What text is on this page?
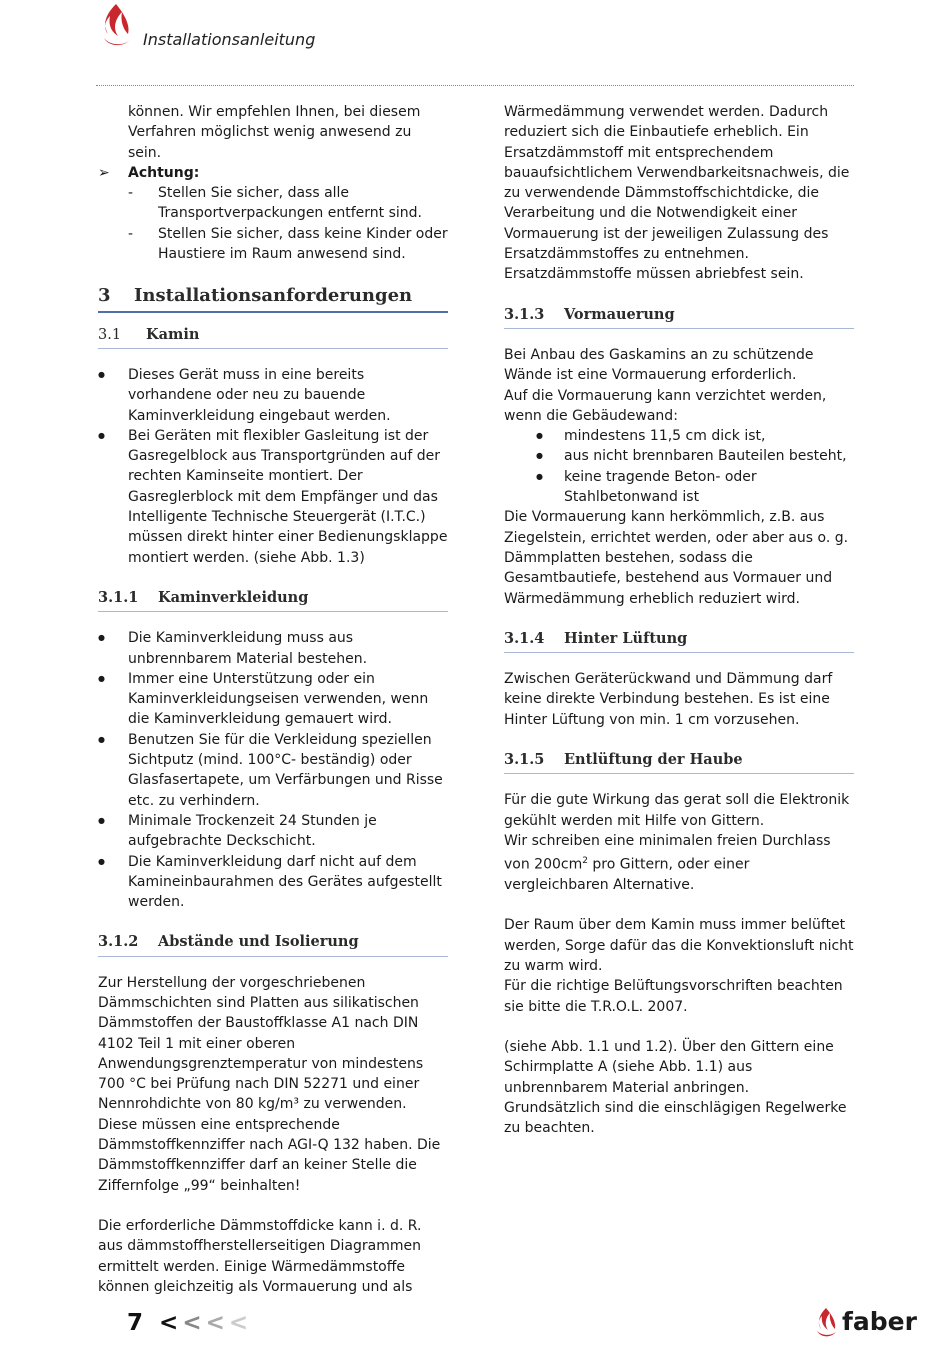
Installationsanleitung

können. Wir empfehlen Ihnen, bei diesem

Verfahren möglichst wenig anwesend zu sein.

➢ Achtung:
- Stellen Sie sicher, dass alle Transportverpackungen entfernt sind.
- Stellen Sie sicher, dass keine Kinder oder Haustiere im Raum anwesend sind.
3 Installationsanforderungen
3.1 Kamin
● Dieses Gerät muss in eine bereits vorhandene oder neu zu bauende Kaminverkleidung eingebaut werden.
● Bei Geräten mit flexibler Gasleitung ist der Gasregelblock aus Transportgründen auf der rechten Kaminseite montiert. Der Gasreglerblock mit dem Empfänger und das Intelligente Technische Steuergerät (I.T.C.) müssen direkt hinter einer Bedienungsklappe montiert werden. (siehe Abb. 1.3)
3.1.1 Kaminverkleidung
● Die Kaminverkleidung muss aus unbrennbarem Material bestehen.
● Immer eine Unterstützung oder ein Kaminverkleidungseisen verwenden, wenn die Kaminverkleidung gemauert wird.
● Benutzen Sie für die Verkleidung speziellen Sichtputz (mind. 100°C- beständig) oder Glasfasertapete, um Verfärbungen und Risse etc. zu verhindern.
● Minimale Trockenzeit 24 Stunden je aufgebrachte Deckschicht.
● Die Kaminverkleidung darf nicht auf dem Kamineinbaurahmen des Gerätes aufgestellt werden.
3.1.2 Abstände und Isolierung

Zur Herstellung der vorgeschriebenen Dämmschichten sind Platten aus silikatischen Dämmstoffen der Baustoffklasse A1 nach DIN 4102 Teil 1 mit einer oberen Anwendungsgrenztemperatur von mindestens 700 °C bei Prüfung nach DIN 52271 und einer Nennrohdichte von 80 kg/m³ zu verwenden.

Diese müssen eine entsprechende Dämmstoffkennziffer nach AGI-Q 132 haben. Die Dämmstoffkennziffer darf an keiner Stelle die Ziffernfolge „99“ beinhalten!

Die erforderliche Dämmstoffdicke kann i. d. R. aus dämmstoffherstellerseitigen Diagrammen ermittelt werden. Einige Wärmedämmstoffe können gleichzeitig als Vormauerung und als

Wärmedämmung verwendet werden. Dadurch reduziert sich die Einbautiefe erheblich. Ein Ersatzdämmstoff mit entsprechendem bauaufsichtlichem Verwendbarkeitsnachweis, die zu verwendende Dämmstoffschichtdicke, die Verarbeitung und die Notwendigkeit einer Vormauerung ist der jeweiligen Zulassung des Ersatzdämmstoffes zu entnehmen.

Ersatzdämmstoffe müssen abriebfest sein.

3.1.3 Vormauerung

Bei Anbau des Gaskamins an zu schützende Wände ist eine Vormauerung erforderlich.

Auf die Vormauerung kann verzichtet werden, wenn die Gebäudewand:

● mindestens 11,5 cm dick ist,
● aus nicht brennbaren Bauteilen besteht,
● keine tragende Beton- oder Stahlbetonwand ist

Die Vormauerung kann herkömmlich, z.B. aus Ziegelstein, errichtet werden, oder aber aus o. g. Dämmplatten bestehen, sodass die Gesamtbautiefe, bestehend aus Vormauer und Wärmedämmung erheblich reduziert wird.

3.1.4 Hinter Lüftung

Zwischen Geräterückwand und Dämmung darf keine direkte Verbindung bestehen. Es ist eine Hinter Lüftung von min. 1 cm vorzusehen.

3.1.5 Entlüftung der Haube

Für die gute Wirkung das gerat soll die Elektronik gekühlt werden mit Hilfe von Gittern.

Wir schreiben eine minimalen freien Durchlass von $200cm^2$ pro Gittern, oder einer vergleichbaren Alternative.

Der Raum über dem Kamin muss immer belüftet werden, Sorge dafür das die Konvektionsluft nicht zu warm wird.

Für die richtige Belüftungsvorschriften beachten sie bitte die T.R.O.L. 2007.

(siehe Abb. 1.1 und 1.2). Über den Gittern eine Schirmplatte A (siehe Abb. 1.1) aus unbrennbarem Material anbringen.

Grundsätzlich sind die einschlägigen Regelwerke zu beachten.

7 <<<<	faber
